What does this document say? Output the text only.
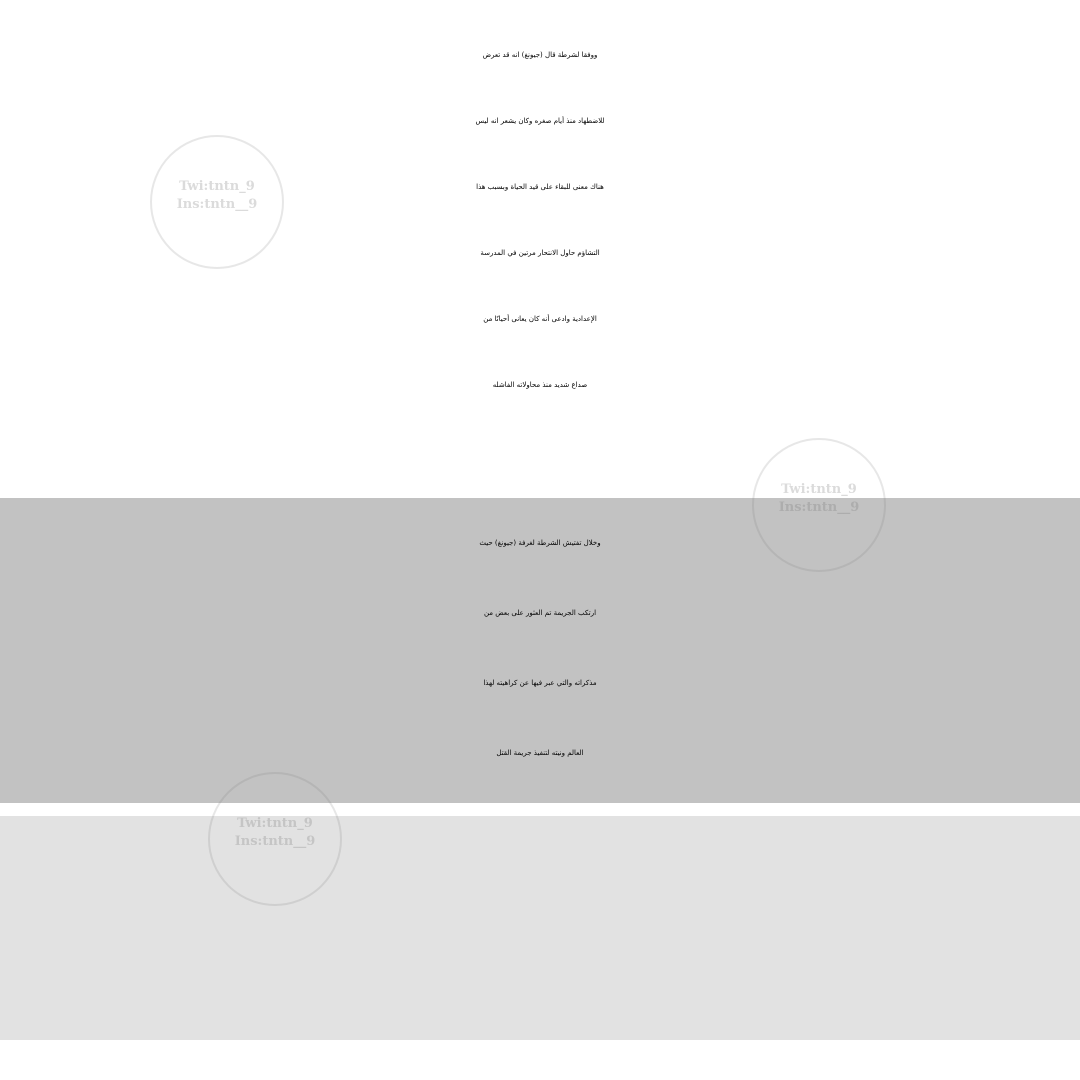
ووفقا لشرطة قال (جيونغ) انه قد تعرض

للاضطهاد منذ أيام صغره وكان يشعر انه ليس

هناك معنى للبقاء على قيد الحياة وبسبب هذا

التشاؤم حاول الانتحار مرتين في المدرسة

الإعدادية وادعى أنه كان يعانى أحيانًا من

صداع شديد منذ محاولاته الفاشله

وخلال تفتيش الشرطة لغرفة (جيونغ) حيث

ارتكب الجريمة تم العثور على بعض من

مذكراته والتي عبر فيها عن كراهيته لهذا

العالم ونيته لتنفيذ جريمة القتل

Twi:tntn_9
Ins:tntn__9
Twi:tntn_9
Ins:tntn__9
Twi:tntn_9
Ins:tntn__9
